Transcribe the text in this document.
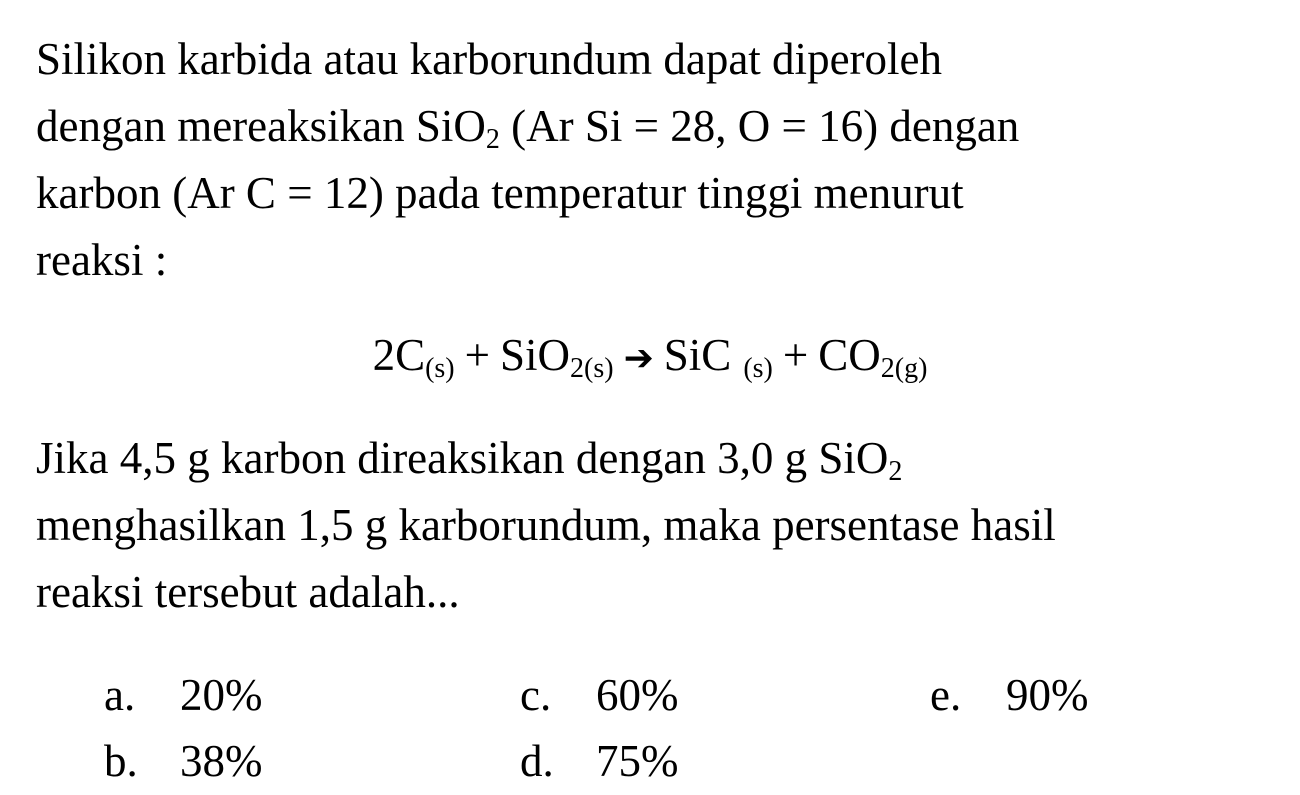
Silikon karbida atau karborundum dapat diperoleh
dengan mereaksikan SiO$_2$ (Ar Si = 28, O = 16) dengan
karbon (Ar C = 12) pada temperatur tinggi menurut
reaksi :
$2C_{(s)} + SiO_{2(s)}$ ➔ SiC $_{(s)} + CO_{2(g)}$
Jika 4,5 g karbon direaksikan dengan 3,0 g SiO$_2$
menghasilkan 1,5 g karborundum, maka persentase hasil
reaksi tersebut adalah...
a. 20%
b. 38%
c. 60%
d. 75%
e. 90%
